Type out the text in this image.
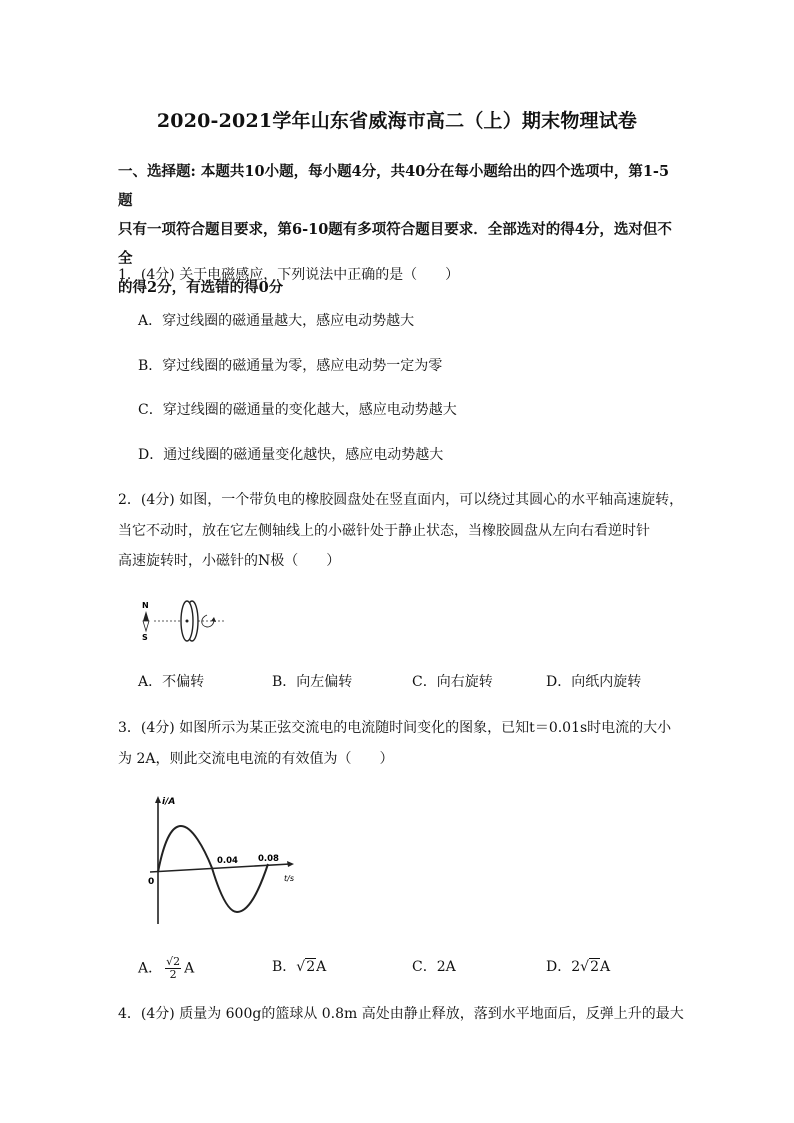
2020-2021学年山东省威海市高二（上）期末物理试卷
一、选择题: 本题共10小题，每小题4分，共40分在每小题给出的四个选项中，第1-5题
只有一项符合题目要求，第6-10题有多项符合题目要求．全部选对的得4分，选对但不全
的得2分，有选错的得0分
1．(4分) 关于电磁感应，下列说法中正确的是（　　）
A．穿过线圈的磁通量越大，感应电动势越大
B．穿过线圈的磁通量为零，感应电动势一定为零
C．穿过线圈的磁通量的变化越大，感应电动势越大
D．通过线圈的磁通量变化越快，感应电动势越大
2．(4分) 如图，一个带负电的橡胶圆盘处在竖直面内，可以绕过其圆心的水平轴高速旋转，
当它不动时，放在它左侧轴线上的小磁针处于静止状态，当橡胶圆盘从左向右看逆时针
高速旋转时，小磁针的N极（　　）
N
S
A．不偏转	B．向左偏转	C．向右旋转	D．向纸内旋转
3．(4分) 如图所示为某正弦交流电的电流随时间变化的图象，已知t＝0.01s时电流的大小
为 2A，则此交流电电流的有效值为（　　）
i/A
t/s
0
0.04 0.08
A． $\frac{√2}{2}$ A	B．√2A	C．2A	D．2√2A
4．(4分) 质量为 600g的篮球从 0.8m 高处由静止释放，落到水平地面后，反弹上升的最大
